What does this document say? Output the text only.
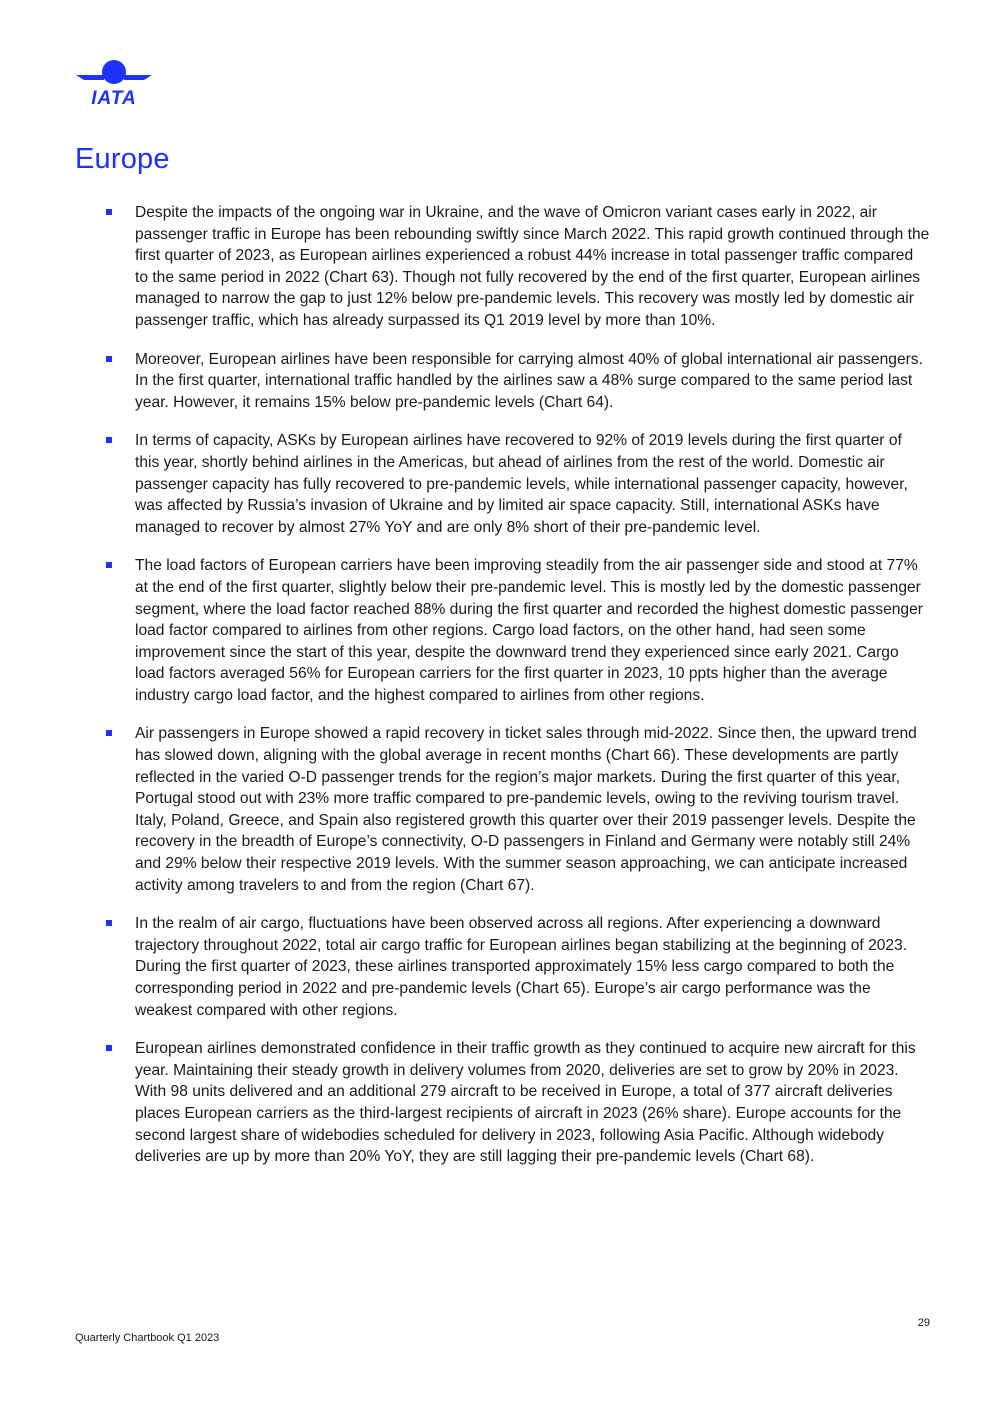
IATA
Europe
Despite the impacts of the ongoing war in Ukraine, and the wave of Omicron variant cases early in 2022, air passenger traffic in Europe has been rebounding swiftly since March 2022. This rapid growth continued through the first quarter of 2023, as European airlines experienced a robust 44% increase in total passenger traffic compared to the same period in 2022 (Chart 63). Though not fully recovered by the end of the first quarter, European airlines managed to narrow the gap to just 12% below pre-pandemic levels. This recovery was mostly led by domestic air passenger traffic, which has already surpassed its Q1 2019 level by more than 10%.
Moreover, European airlines have been responsible for carrying almost 40% of global international air passengers. In the first quarter, international traffic handled by the airlines saw a 48% surge compared to the same period last year. However, it remains 15% below pre-pandemic levels (Chart 64).
In terms of capacity, ASKs by European airlines have recovered to 92% of 2019 levels during the first quarter of this year, shortly behind airlines in the Americas, but ahead of airlines from the rest of the world. Domestic air passenger capacity has fully recovered to pre-pandemic levels, while international passenger capacity, however, was affected by Russia’s invasion of Ukraine and by limited air space capacity. Still, international ASKs have managed to recover by almost 27% YoY and are only 8% short of their pre-pandemic level.
The load factors of European carriers have been improving steadily from the air passenger side and stood at 77% at the end of the first quarter, slightly below their pre-pandemic level. This is mostly led by the domestic passenger segment, where the load factor reached 88% during the first quarter and recorded the highest domestic passenger load factor compared to airlines from other regions. Cargo load factors, on the other hand, had seen some improvement since the start of this year, despite the downward trend they experienced since early 2021. Cargo load factors averaged 56% for European carriers for the first quarter in 2023, 10 ppts higher than the average industry cargo load factor, and the highest compared to airlines from other regions.
Air passengers in Europe showed a rapid recovery in ticket sales through mid-2022. Since then, the upward trend has slowed down, aligning with the global average in recent months (Chart 66). These developments are partly reflected in the varied O-D passenger trends for the region’s major markets. During the first quarter of this year, Portugal stood out with 23% more traffic compared to pre-pandemic levels, owing to the reviving tourism travel. Italy, Poland, Greece, and Spain also registered growth this quarter over their 2019 passenger levels. Despite the recovery in the breadth of Europe’s connectivity, O-D passengers in Finland and Germany were notably still 24% and 29% below their respective 2019 levels. With the summer season approaching, we can anticipate increased activity among travelers to and from the region (Chart 67).
In the realm of air cargo, fluctuations have been observed across all regions. After experiencing a downward trajectory throughout 2022, total air cargo traffic for European airlines began stabilizing at the beginning of 2023. During the first quarter of 2023, these airlines transported approximately 15% less cargo compared to both the corresponding period in 2022 and pre-pandemic levels (Chart 65). Europe’s air cargo performance was the weakest compared with other regions.
European airlines demonstrated confidence in their traffic growth as they continued to acquire new aircraft for this year. Maintaining their steady growth in delivery volumes from 2020, deliveries are set to grow by 20% in 2023. With 98 units delivered and an additional 279 aircraft to be received in Europe, a total of 377 aircraft deliveries places European carriers as the third-largest recipients of aircraft in 2023 (26% share). Europe accounts for the second largest share of widebodies scheduled for delivery in 2023, following Asia Pacific. Although widebody deliveries are up by more than 20% YoY, they are still lagging their pre-pandemic levels (Chart 68).
29
Quarterly Chartbook Q1 2023
